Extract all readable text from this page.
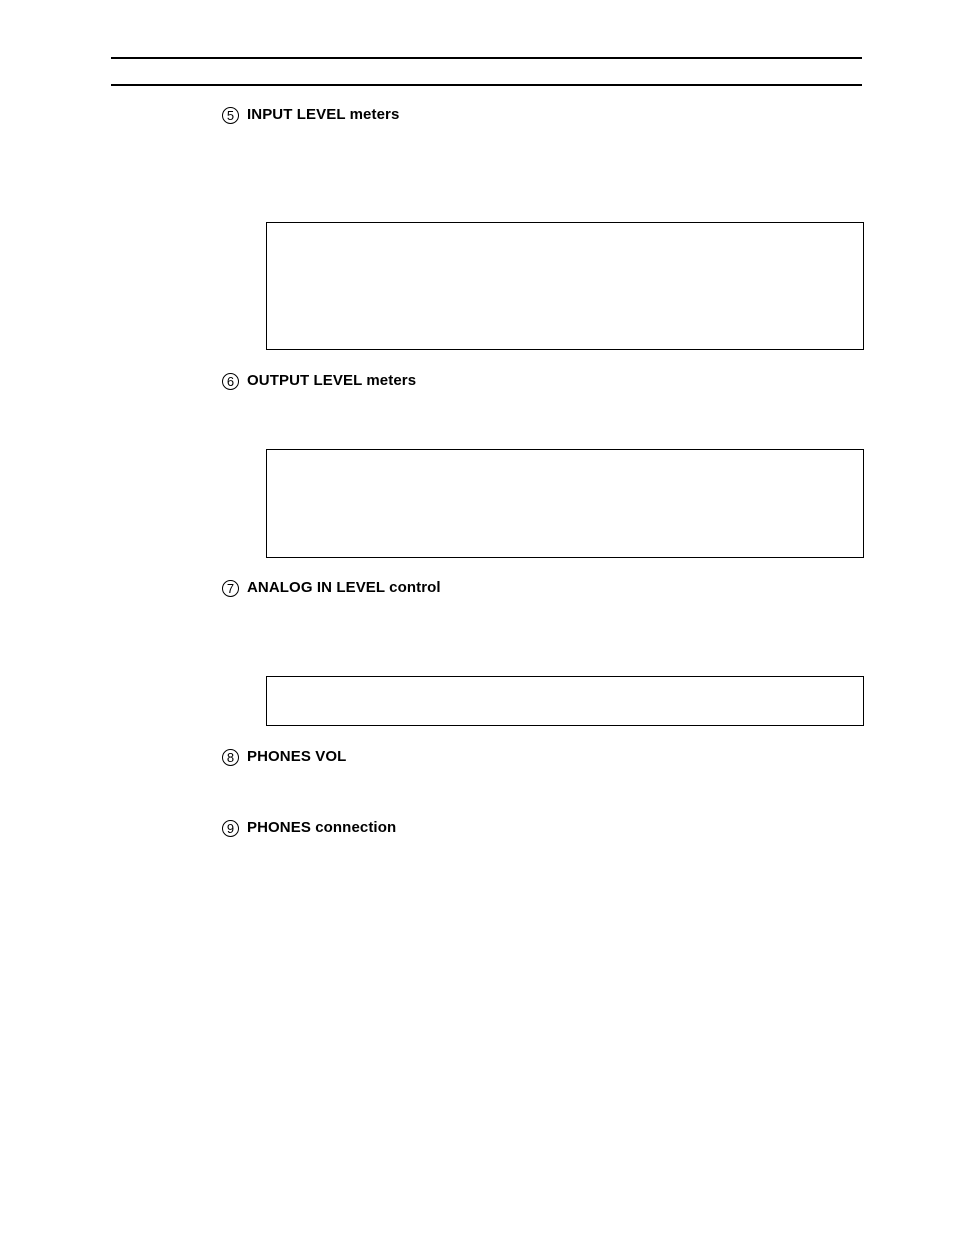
5 INPUT LEVEL meters
6 OUTPUT LEVEL meters
7 ANALOG IN LEVEL control
8 PHONES VOL
9 PHONES connection
